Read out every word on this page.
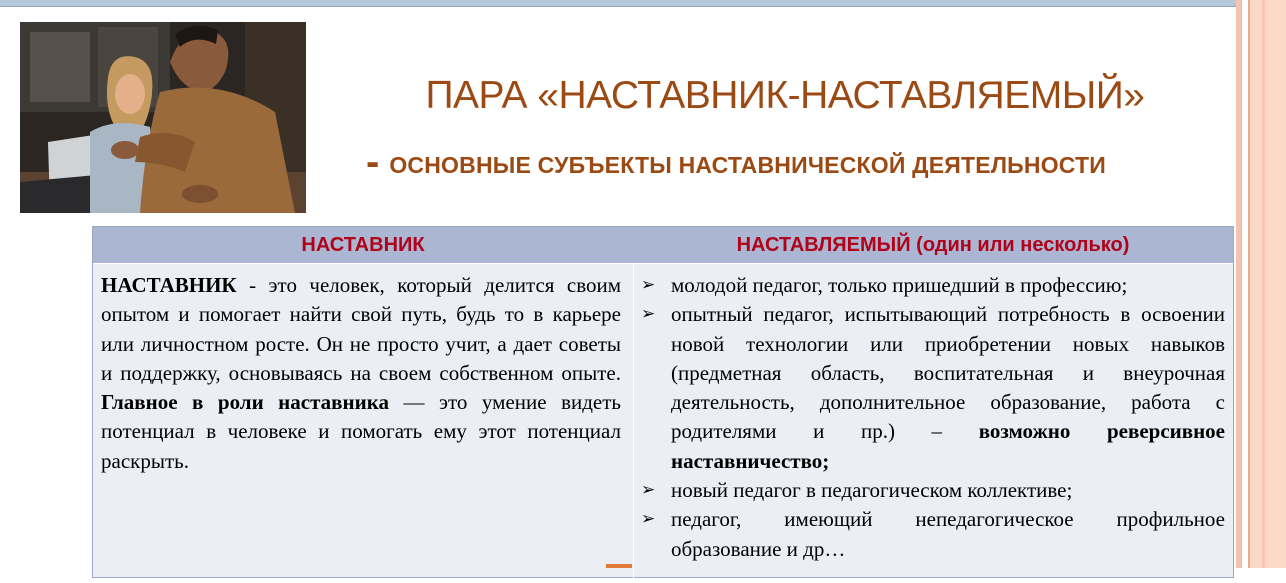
ПАРА «НАСТАВНИК-НАСТАВЛЯЕМЫЙ»
- ОСНОВНЫЕ СУБЪЕКТЫ НАСТАВНИЧЕСКОЙ ДЕЯТЕЛЬНОСТИ
НАСТАВНИК	НАСТАВЛЯЕМЫЙ (один или несколько)
НАСТАВНИК - это человек, который делится своим опытом и помогает найти свой путь, будь то в карьере или личностном росте. Он не просто учит, а дает советы и поддержку, основываясь на своем собственном опыте. Главное в роли наставника — это умение видеть потенциал в человеке и помогать ему этот потенциал раскрыть.
➢ молодой педагог, только пришедший в профессию;
➢ опытный педагог, испытывающий потребность в освоении новой технологии или приобретении новых навыков (предметная область, воспитательная и внеурочная деятельность, дополнительное образование, работа с родителями и пр.) – возможно реверсивное наставничество;
➢ новый педагог в педагогическом коллективе;
➢ педагог, имеющий непедагогическое профильное образование и др…
